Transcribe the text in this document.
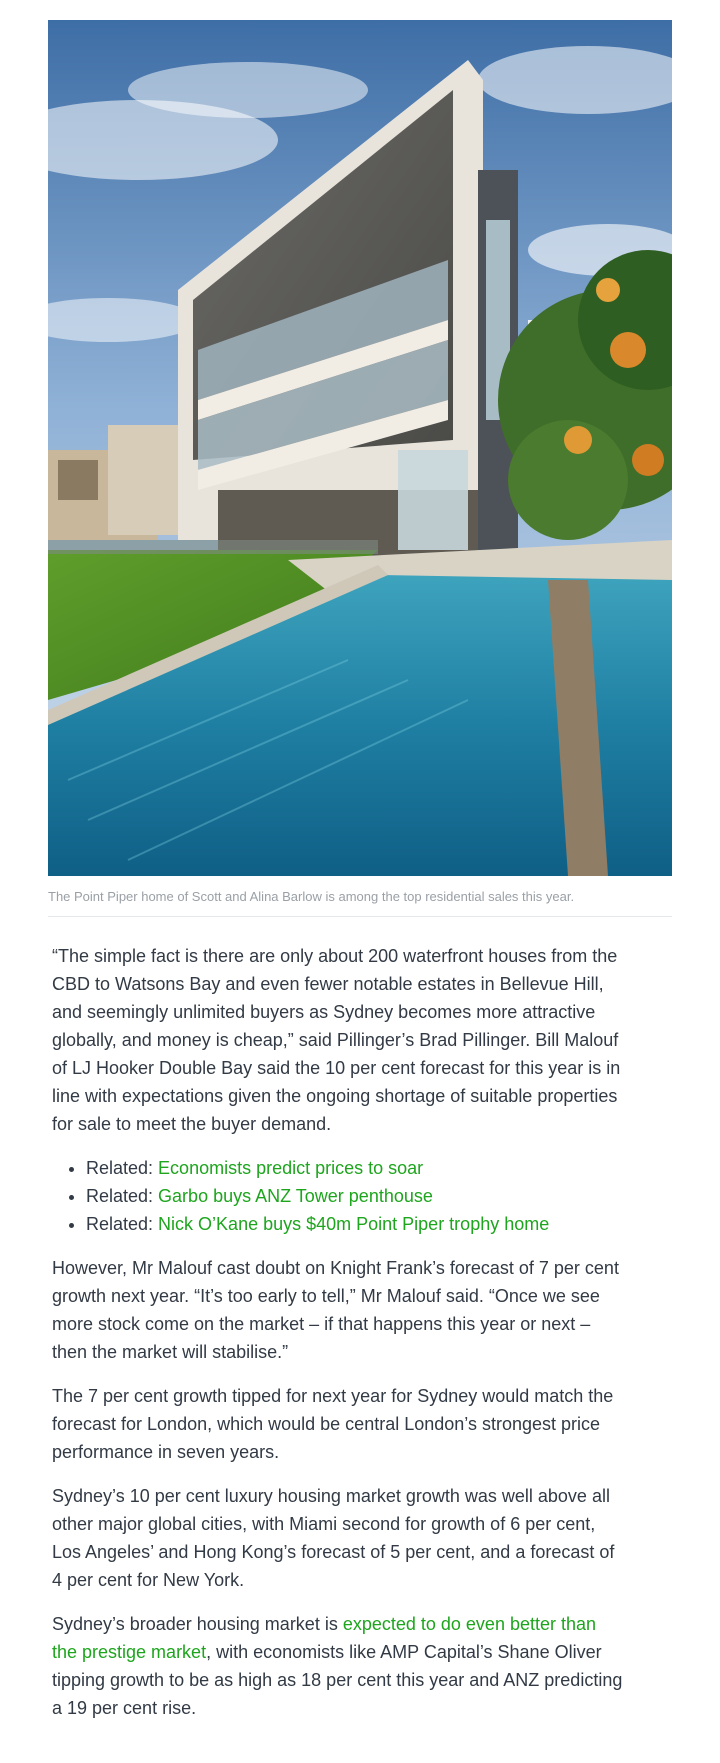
The Point Piper home of Scott and Alina Barlow is among the top residential sales this year.

“The simple fact is there are only about 200 waterfront houses from the CBD to Watsons Bay and even fewer notable estates in Bellevue Hill, and seemingly unlimited buyers as Sydney becomes more attractive globally, and money is cheap,” said Pillinger’s Brad Pillinger. Bill Malouf of LJ Hooker Double Bay said the 10 per cent forecast for this year is in line with expectations given the ongoing shortage of suitable properties for sale to meet the buyer demand.

• Related: Economists predict prices to soar
• Related: Garbo buys ANZ Tower penthouse
• Related: Nick O’Kane buys $40m Point Piper trophy home

However, Mr Malouf cast doubt on Knight Frank’s forecast of 7 per cent growth next year. “It’s too early to tell,” Mr Malouf said. “Once we see more stock come on the market – if that happens this year or next – then the market will stabilise.”

The 7 per cent growth tipped for next year for Sydney would match the forecast for London, which would be central London’s strongest price performance in seven years.

Sydney’s 10 per cent luxury housing market growth was well above all other major global cities, with Miami second for growth of 6 per cent, Los Angeles’ and Hong Kong’s forecast of 5 per cent, and a forecast of 4 per cent for New York.

Sydney’s broader housing market is expected to do even better than the prestige market, with economists like AMP Capital’s Shane Oliver tipping growth to be as high as 18 per cent this year and ANZ predicting a 19 per cent rise.
